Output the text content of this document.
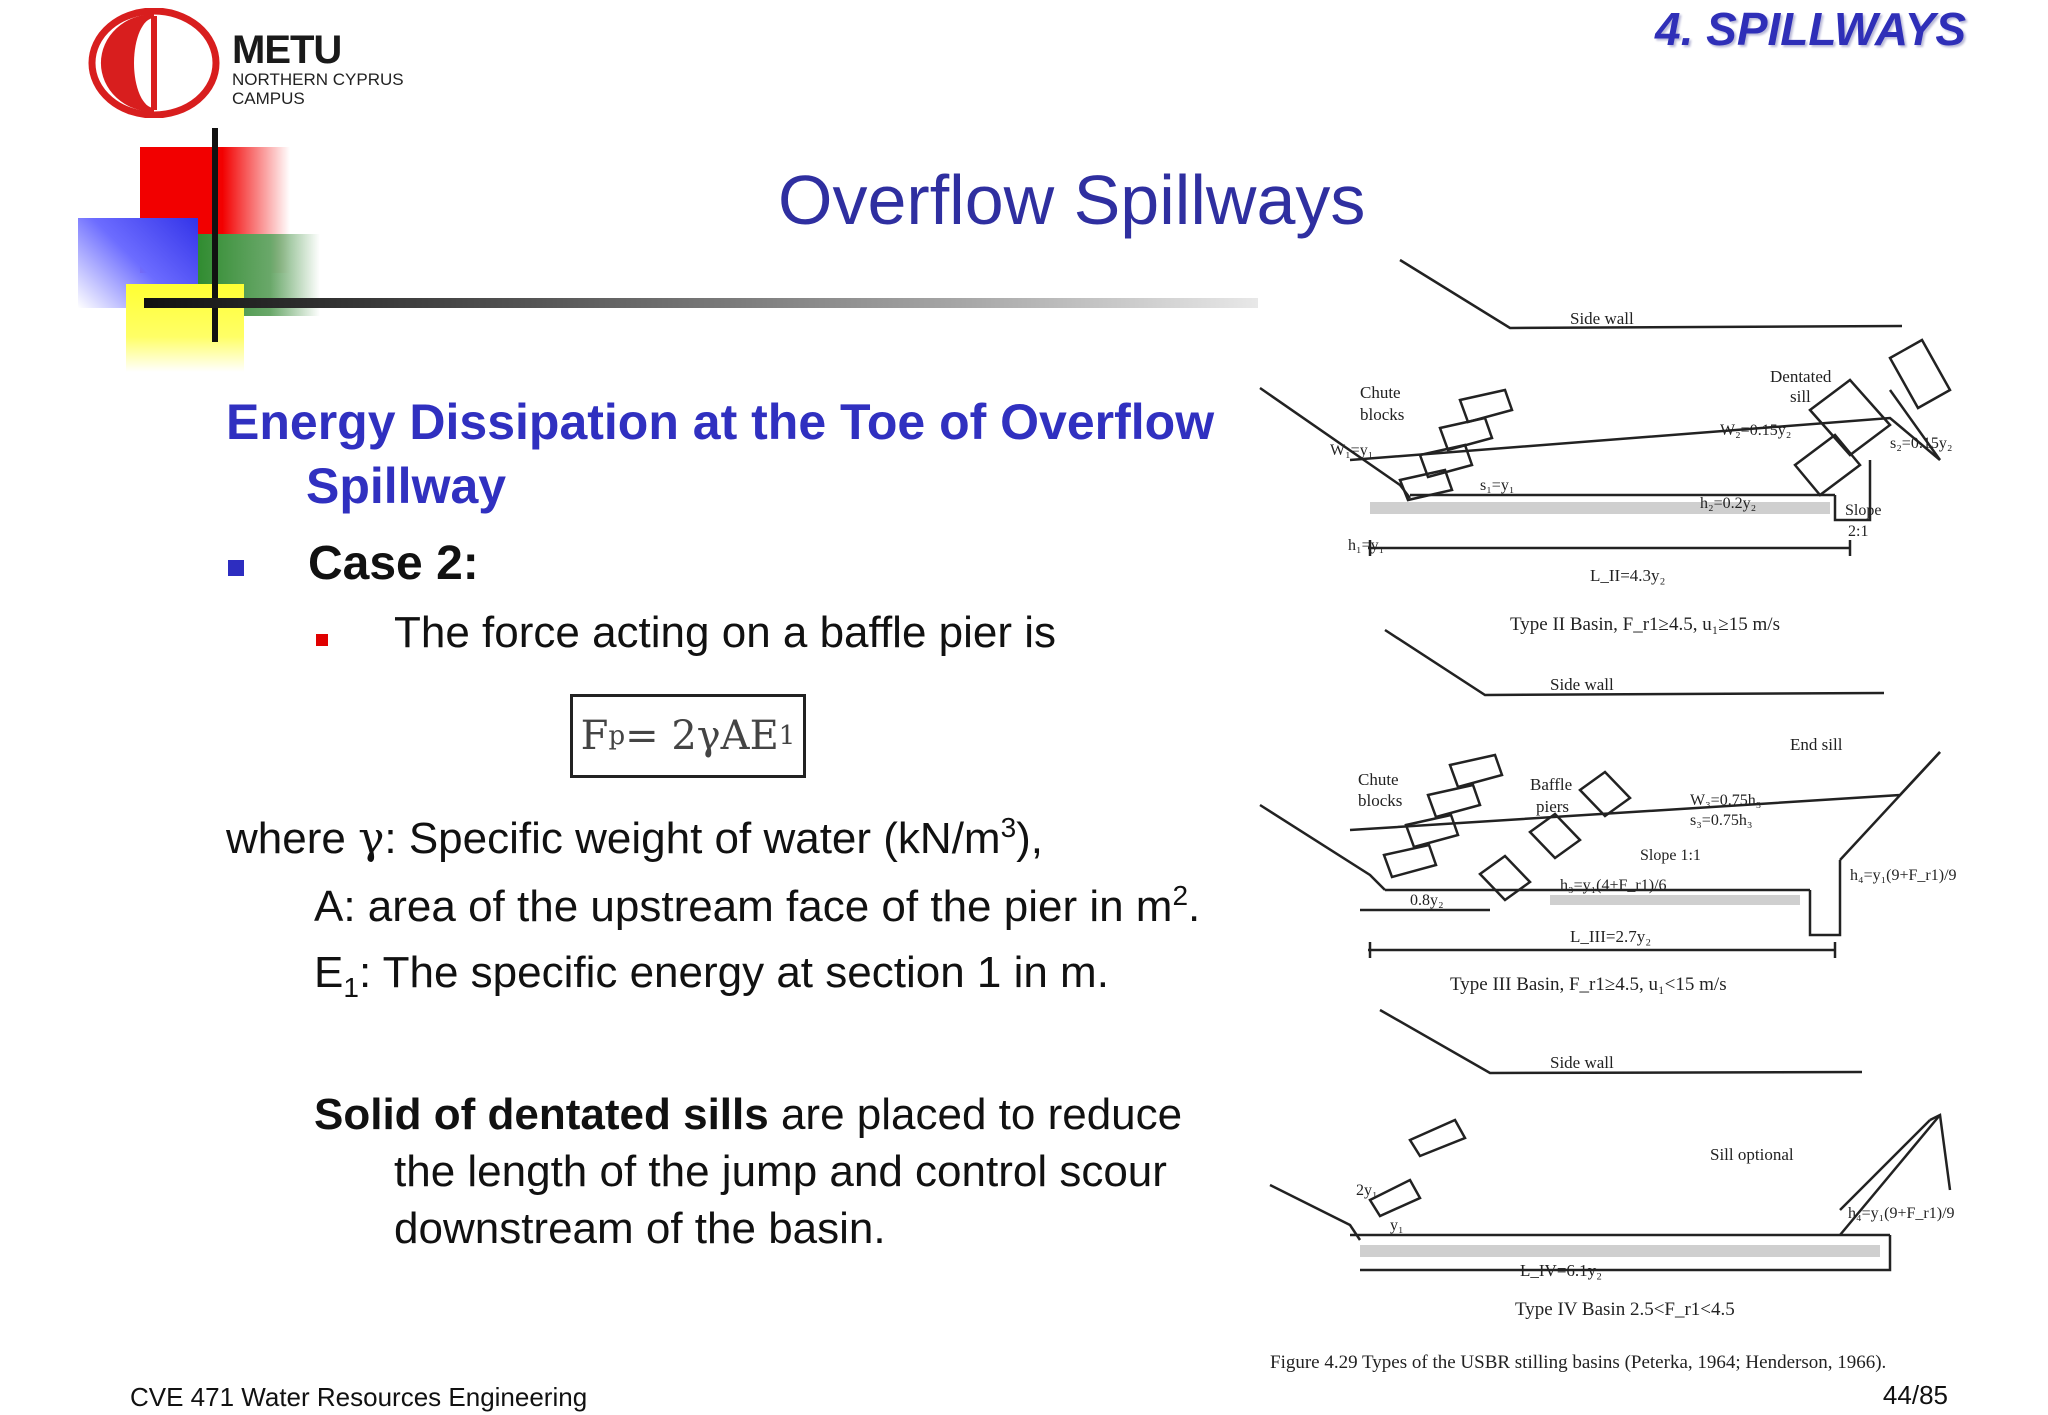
METU
NORTHERN CYPRUS
CAMPUS
4. SPILLWAYS
Overflow Spillways
Energy Dissipation at the Toe of Overflow
Spillway
Case 2:
The force acting on a baffle pier is
F p = 2γAE 1
where γ: Specific weight of water $(kN/m^3)$,
A: area of the upstream face of the pier in $m^2$.
$E_1$: The specific energy at section 1 in m.
Solid of dentated sills are placed to reduce
the length of the jump and control scour
downstream of the basin.
Side wall
Chute
blocks
Dentated
sill
W₁=y₁
W₂=0.15y₂
s₂=0.15y₂
s₁=y₁
h₂=0.2y₂	Slope
2:1
h₁=y₁
L_II=4.3y₂
Type II Basin, F_r1≥4.5, u₁≥15 m/s
Side wall
End sill
Chute
blocks
Baffle
piers	W₃=0.75h₃
s₃=0.75h₃
Slope 1:1
h₄=y₁(9+F_r1)/9
0.8y₂
h₃=y₁(4+F_r1)/6
L_III=2.7y₂
Type III Basin, F_r1≥4.5, u₁<15 m/s
Side wall
Sill optional
2y₁
y₁
h₄=y₁(9+F_r1)/9
L_IV=6.1y₂
Type IV Basin 2.5<F_r1<4.5
Figure 4.29 Types of the USBR stilling basins (Peterka, 1964; Henderson, 1966).
CVE 471 Water Resources Engineering	44/85
